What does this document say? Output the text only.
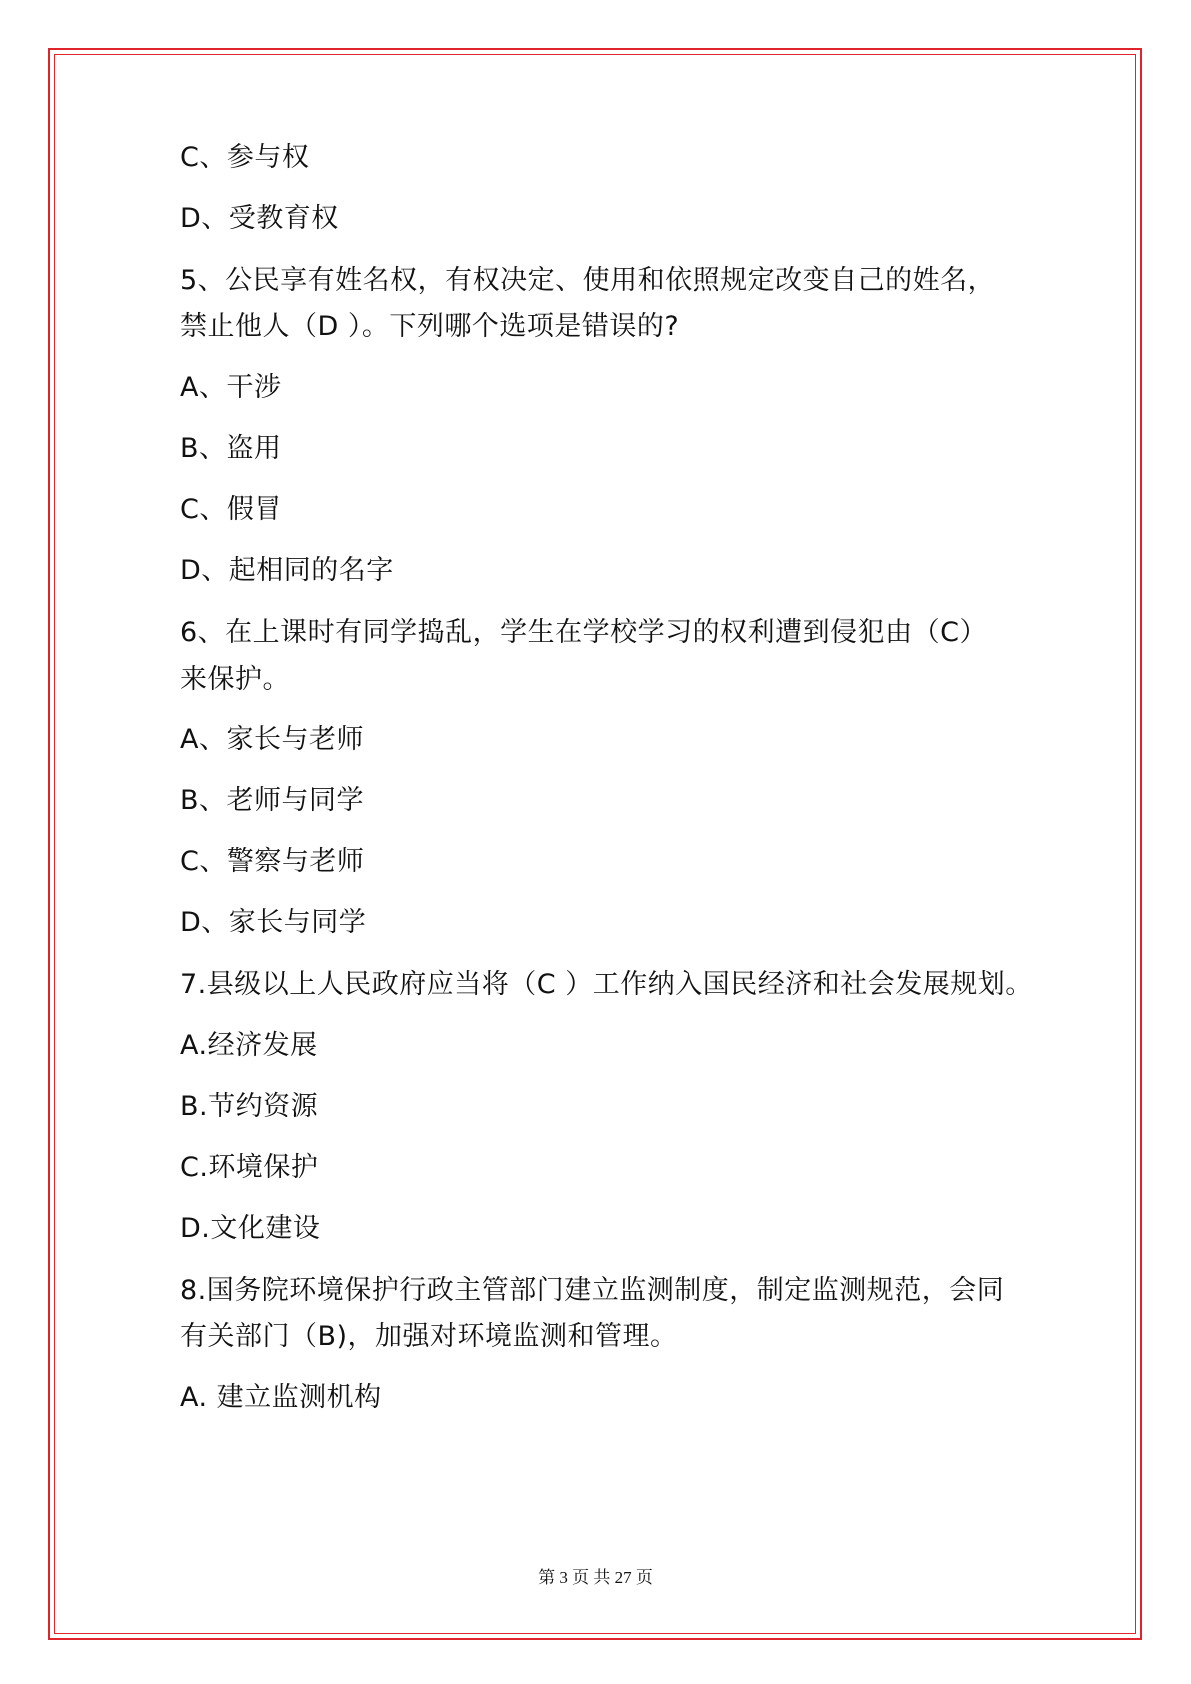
C、参与权
D、受教育权
5、公民享有姓名权，有权决定、使用和依照规定改变自己的姓名，
禁止他人（D ）。下列哪个选项是错误的?
A、干涉
B、盗用
C、假冒
D、起相同的名字
6、在上课时有同学捣乱，学生在学校学习的权利遭到侵犯由（C）
来保护。
A、家长与老师
B、老师与同学
C、警察与老师
D、家长与同学
7.县级以上人民政府应当将（C ）工作纳入国民经济和社会发展规划。
A.经济发展
B.节约资源
C.环境保护
D.文化建设
8.国务院环境保护行政主管部门建立监测制度，制定监测规范，会同
有关部门（B)，加强对环境监测和管理。
A. 建立监测机构
第 3 页 共 27 页
